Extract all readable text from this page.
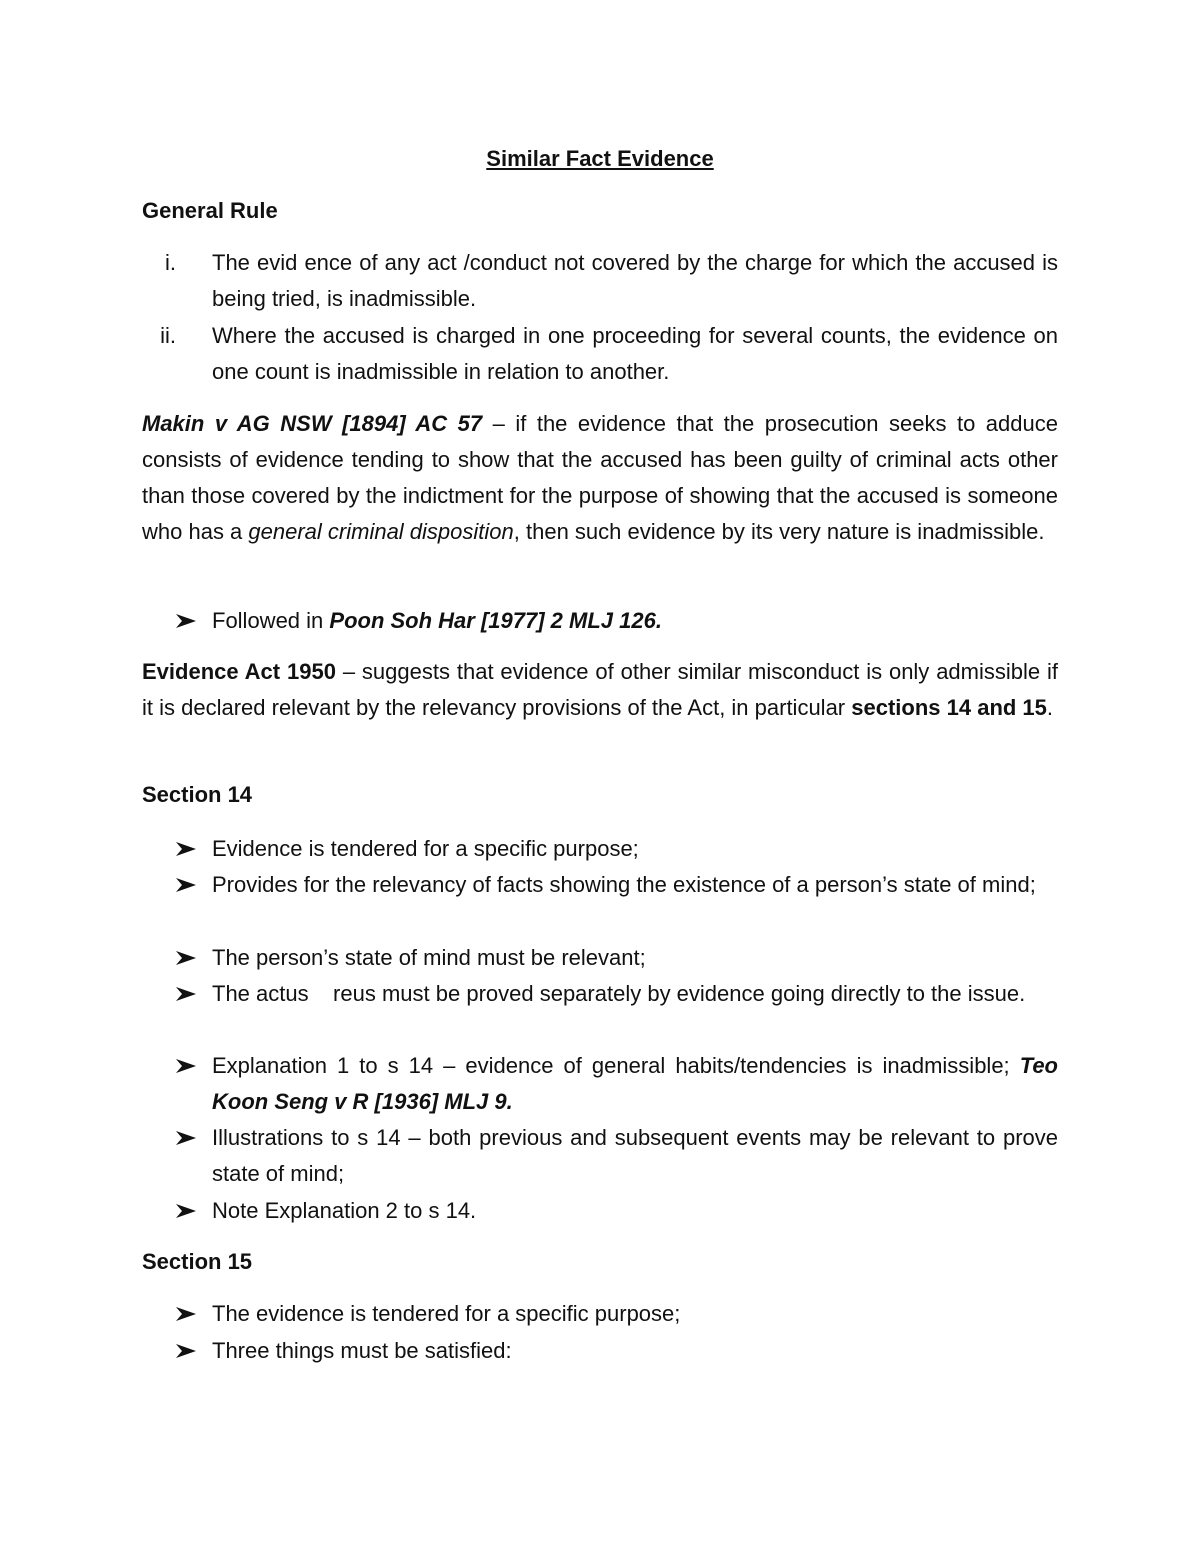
Similar Fact Evidence
General Rule
i. The evid ence of any act /conduct not covered by the charge for which the accused is being tried, is inadmissible.
ii. Where the accused is charged in one proceeding for several counts, the evidence on one count is inadmissible in relation to another.
Makin v AG NSW [1894] AC 57 – if the evidence that the prosecution seeks to adduce consists of evidence tending to show that the accused has been guilty of criminal acts other than those covered by the indictment for the purpose of showing that the accused is someone who has a general criminal disposition, then such evidence by its very nature is inadmissible.
Followed in Poon Soh Har [1977] 2 MLJ 126.
Evidence Act 1950 – suggests that evidence of other similar misconduct is only admissible if it is declared relevant by the relevancy provisions of the Act, in particular sections 14 and 15.
Section 14
Evidence is tendered for a specific purpose;
Provides for the relevancy of facts showing the existence of a person’s state of mind;
The person’s state of mind must be relevant;
The actus    reus must be proved separately by evidence going directly to the issue.
Explanation 1 to s 14 – evidence of general habits/tendencies is inadmissible; Teo Koon Seng v R [1936] MLJ 9.
Illustrations to s 14 – both previous and subsequent events may be relevant to prove state of mind;
Note Explanation 2 to s 14.
Section 15
The evidence is tendered for a specific purpose;
Three things must be satisfied:
